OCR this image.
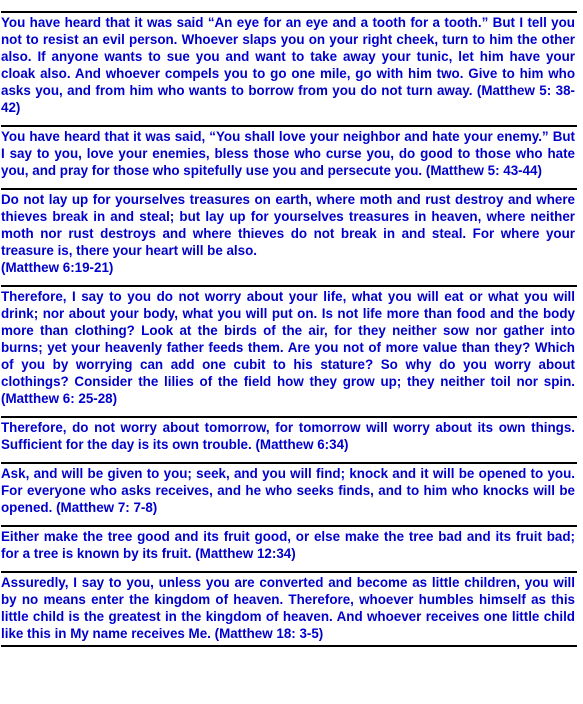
You have heard that it was said “An eye for an eye and a tooth for a tooth.” But I tell you not to resist an evil person. Whoever slaps you on your right cheek, turn to him the other also. If anyone wants to sue you and want to take away your tunic, let him have your cloak also. And whoever compels you to go one mile, go with him two. Give to him who asks you, and from him who wants to borrow from you do not turn away. (Matthew 5: 38-42)

You have heard that it was said, “You shall love your neighbor and hate your enemy.” But I say to you, love your enemies, bless those who curse you, do good to those who hate you, and pray for those who spitefully use you and persecute you. (Matthew 5: 43-44)

Do not lay up for yourselves treasures on earth, where moth and rust destroy and where thieves break in and steal; but lay up for yourselves treasures in heaven, where neither moth nor rust destroys and where thieves do not break in and steal. For where your treasure is, there your heart will be also.
(Matthew 6:19-21)

Therefore, I say to you do not worry about your life, what you will eat or what you will drink; nor about your body, what you will put on. Is not life more than food and the body more than clothing? Look at the birds of the air, for they neither sow nor gather into burns; yet your heavenly father feeds them. Are you not of more value than they? Which of you by worrying can add one cubit to his stature? So why do you worry about clothings? Consider the lilies of the field how they grow up; they neither toil nor spin. (Matthew 6: 25-28)

Therefore, do not worry about tomorrow, for tomorrow will worry about its own things. Sufficient for the day is its own trouble. (Matthew 6:34)

Ask, and will be given to you; seek, and you will find; knock and it will be opened to you. For everyone who asks receives, and he who seeks finds, and to him who knocks will be opened. (Matthew 7: 7-8)

Either make the tree good and its fruit good, or else make the tree bad and its fruit bad; for a tree is known by its fruit. (Matthew 12:34)

Assuredly, I say to you, unless you are converted and become as little children, you will by no means enter the kingdom of heaven. Therefore, whoever humbles himself as this little child is the greatest in the kingdom of heaven. And whoever receives one little child like this in My name receives Me. (Matthew 18: 3-5)
